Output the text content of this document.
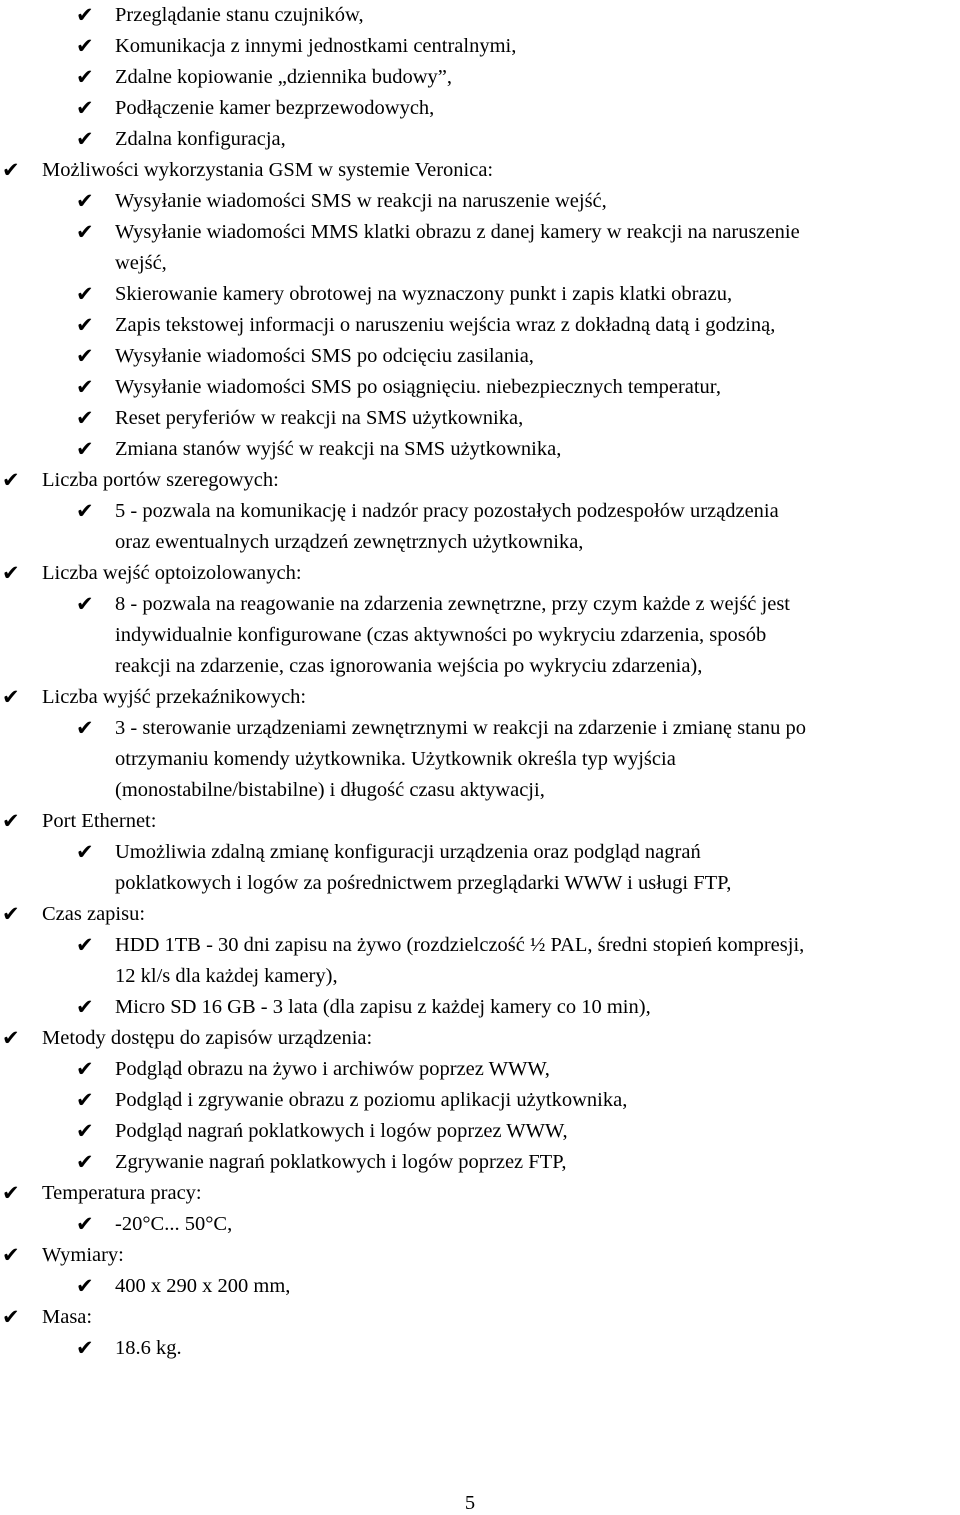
✔ Przeglądanie stanu czujników,
✔ Komunikacja z innymi jednostkami centralnymi,
✔ Zdalne kopiowanie „dziennika budowy”,
✔ Podłączenie kamer bezprzewodowych,
✔ Zdalna konfiguracja,
✔ Możliwości wykorzystania GSM w systemie Veronica:
✔ Wysyłanie wiadomości SMS w reakcji na naruszenie wejść,
✔ Wysyłanie wiadomości MMS klatki obrazu z danej kamery w reakcji na naruszenie
wejść,
✔ Skierowanie kamery obrotowej na wyznaczony punkt i zapis klatki obrazu,
✔ Zapis tekstowej informacji o naruszeniu wejścia wraz z dokładną datą i godziną,
✔ Wysyłanie wiadomości SMS po odcięciu zasilania,
✔ Wysyłanie wiadomości SMS po osiągnięciu. niebezpiecznych temperatur,
✔ Reset peryferiów w reakcji na SMS użytkownika,
✔ Zmiana stanów wyjść w reakcji na SMS użytkownika,
✔ Liczba portów szeregowych:
✔ 5 - pozwala na komunikację i nadzór pracy pozostałych podzespołów urządzenia
oraz ewentualnych urządzeń zewnętrznych użytkownika,
✔ Liczba wejść optoizolowanych:
✔ 8 - pozwala na reagowanie na zdarzenia zewnętrzne, przy czym każde z wejść jest
indywidualnie konfigurowane (czas aktywności po wykryciu zdarzenia, sposób
reakcji na zdarzenie, czas ignorowania wejścia po wykryciu zdarzenia),
✔ Liczba wyjść przekaźnikowych:
✔ 3 - sterowanie urządzeniami zewnętrznymi w reakcji na zdarzenie i zmianę stanu po
otrzymaniu komendy użytkownika. Użytkownik określa typ wyjścia
(monostabilne/bistabilne) i długość czasu aktywacji,
✔ Port Ethernet:
✔ Umożliwia zdalną zmianę konfiguracji urządzenia oraz podgląd nagrań
poklatkowych i logów za pośrednictwem przeglądarki WWW i usługi FTP,
✔ Czas zapisu:
✔ HDD 1TB - 30 dni zapisu na żywo (rozdzielczość ½ PAL, średni stopień kompresji,
12 kl/s dla każdej kamery),
✔ Micro SD 16 GB - 3 lata (dla zapisu z każdej kamery co 10 min),
✔ Metody dostępu do zapisów urządzenia:
✔ Podgląd obrazu na żywo i archiwów poprzez WWW,
✔ Podgląd i zgrywanie obrazu z poziomu aplikacji użytkownika,
✔ Podgląd nagrań poklatkowych i logów poprzez WWW,
✔ Zgrywanie nagrań poklatkowych i logów poprzez FTP,
✔ Temperatura pracy:
✔ -20°C... 50°C,
✔ Wymiary:
✔ 400 x 290 x 200 mm,
✔ Masa:
✔ 18.6 kg.
5
